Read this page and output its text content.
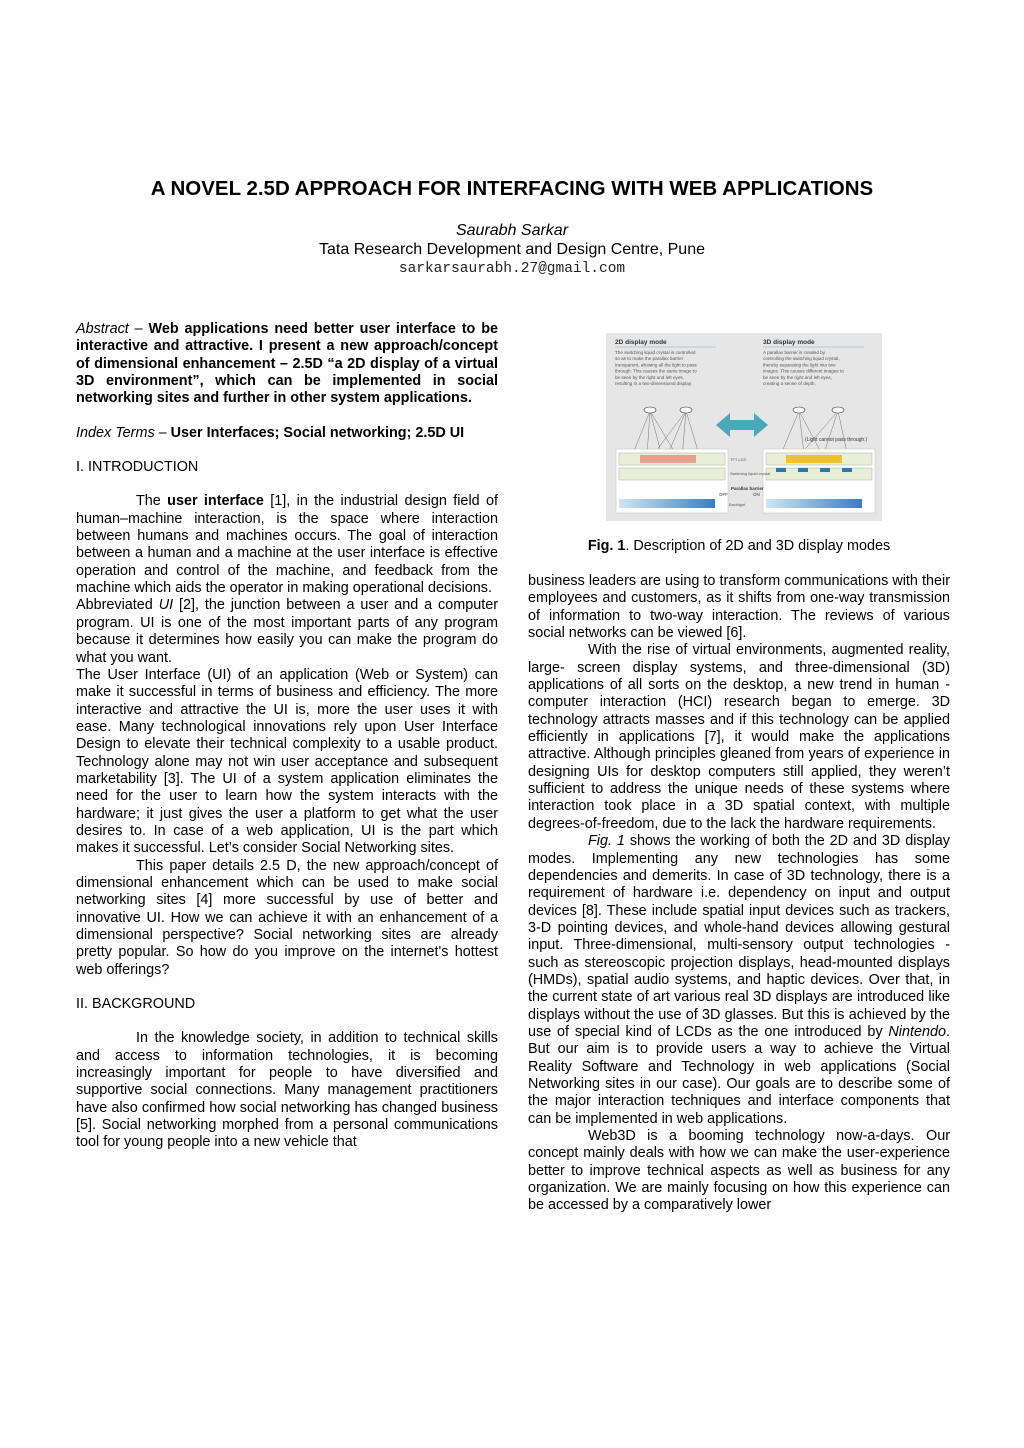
A NOVEL 2.5D APPROACH FOR INTERFACING WITH WEB APPLICATIONS
Saurabh Sarkar
Tata Research Development and Design Centre, Pune
sarkarsaurabh.27@gmail.com

Abstract – Web applications need better user interface to be interactive and attractive. I present a new approach/concept of dimensional enhancement – 2.5D “a 2D display of a virtual 3D environment”, which can be implemented in social networking sites and further in other system applications.

Index Terms – User Interfaces; Social networking; 2.5D UI

I. INTRODUCTION

The user interface [1], in the industrial design field of human–machine interaction, is the space where interaction between humans and machines occurs. The goal of interaction between a human and a machine at the user interface is effective operation and control of the machine, and feedback from the machine which aids the operator in making operational decisions.

Abbreviated UI [2], the junction between a user and a computer program. UI is one of the most important parts of any program because it determines how easily you can make the program do what you want.

The User Interface (UI) of an application (Web or System) can make it successful in terms of business and efficiency. The more interactive and attractive the UI is, more the user uses it with ease. Many technological innovations rely upon User Interface Design to elevate their technical complexity to a usable product. Technology alone may not win user acceptance and subsequent marketability [3]. The UI of a system application eliminates the need for the user to learn how the system interacts with the hardware; it just gives the user a platform to get what the user desires to. In case of a web application, UI is the part which makes it successful. Let’s consider Social Networking sites.

This paper details 2.5 D, the new approach/concept of dimensional enhancement which can be used to make social networking sites [4] more successful by use of better and innovative UI. How we can achieve it with an enhancement of a dimensional perspective? Social networking sites are already pretty popular. So how do you improve on the internet's hottest web offerings?

II. BACKGROUND

In the knowledge society, in addition to technical skills and access to information technologies, it is becoming increasingly important for people to have diversified and supportive social connections. Many management practitioners have also confirmed how social networking has changed business [5]. Social networking morphed from a personal communications tool for young people into a new vehicle that

2D display mode
The switching liquid crystal is controlled
so as to make the parallax barrier
transparent, allowing all the light to pass
through. This causes the same image to
be seen by the right and left eyes,
resulting in a two-dimensional display.
3D display mode
A parallax barrier is created by
controlling the switching liquid crystal,
thereby separating the light into two
images. This causes different images to
be seen by the right and left eyes,
creating a sense of depth.
TFT-LCD
Switching liquid crystal
Parallax barrier
OFF	ON
Backlight
(Light cannot pass through.)
Fig. 1. Description of 2D and 3D display modes

business leaders are using to transform communications with their employees and customers, as it shifts from one-way transmission of information to two-way interaction. The reviews of various social networks can be viewed [6].

With the rise of virtual environments, augmented reality, large- screen display systems, and three-dimensional (3D) applications of all sorts on the desktop, a new trend in human -computer interaction (HCI) research began to emerge. 3D technology attracts masses and if this technology can be applied efficiently in applications [7], it would make the applications attractive. Although principles gleaned from years of experience in designing UIs for desktop computers still applied, they weren’t sufficient to address the unique needs of these systems where interaction took place in a 3D spatial context, with multiple degrees-of-freedom, due to the lack the hardware requirements.

Fig. 1 shows the working of both the 2D and 3D display modes. Implementing any new technologies has some dependencies and demerits. In case of 3D technology, there is a requirement of hardware i.e. dependency on input and output devices [8]. These include spatial input devices such as trackers, 3-D pointing devices, and whole-hand devices allowing gestural input. Three-dimensional, multi-sensory output technologies - such as stereoscopic projection displays, head-mounted displays (HMDs), spatial audio systems, and haptic devices. Over that, in the current state of art various real 3D displays are introduced like displays without the use of 3D glasses. But this is achieved by the use of special kind of LCDs as the one introduced by Nintendo. But our aim is to provide users a way to achieve the Virtual Reality Software and Technology in web applications (Social Networking sites in our case). Our goals are to describe some of the major interaction techniques and interface components that can be implemented in web applications.

Web3D is a booming technology now-a-days. Our concept mainly deals with how we can make the user-experience better to improve technical aspects as well as business for any organization. We are mainly focusing on how this experience can be accessed by a comparatively lower
